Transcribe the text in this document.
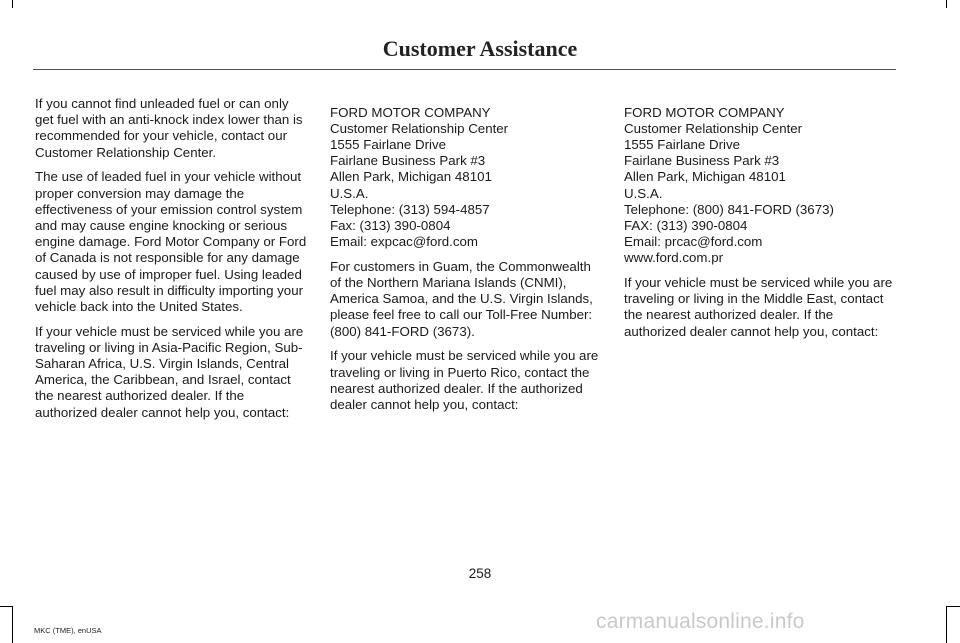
Customer Assistance

If you cannot find unleaded fuel or can only get fuel with an anti-knock index lower than is recommended for your vehicle, contact our Customer Relationship Center.

The use of leaded fuel in your vehicle without proper conversion may damage the effectiveness of your emission control system and may cause engine knocking or serious engine damage. Ford Motor Company or Ford of Canada is not responsible for any damage caused by use of improper fuel. Using leaded fuel may also result in difficulty importing your vehicle back into the United States.

If your vehicle must be serviced while you are traveling or living in Asia-Pacific Region, Sub-Saharan Africa, U.S. Virgin Islands, Central America, the Caribbean, and Israel, contact the nearest authorized dealer. If the authorized dealer cannot help you, contact:

FORD MOTOR COMPANY
Customer Relationship Center
1555 Fairlane Drive
Fairlane Business Park #3
Allen Park, Michigan 48101
U.S.A.
Telephone: (313) 594-4857
Fax: (313) 390-0804
Email: expcac@ford.com

For customers in Guam, the Commonwealth of the Northern Mariana Islands (CNMI), America Samoa, and the U.S. Virgin Islands, please feel free to call our Toll-Free Number: (800) 841-FORD (3673).

If your vehicle must be serviced while you are traveling or living in Puerto Rico, contact the nearest authorized dealer. If the authorized dealer cannot help you, contact:

FORD MOTOR COMPANY
Customer Relationship Center
1555 Fairlane Drive
Fairlane Business Park #3
Allen Park, Michigan 48101
U.S.A.
Telephone: (800) 841-FORD (3673)
FAX: (313) 390-0804
Email: prcac@ford.com
www.ford.com.pr

If your vehicle must be serviced while you are traveling or living in the Middle East, contact the nearest authorized dealer. If the authorized dealer cannot help you, contact:

258
MKC (TME), enUSA	carmanualsonline.info
